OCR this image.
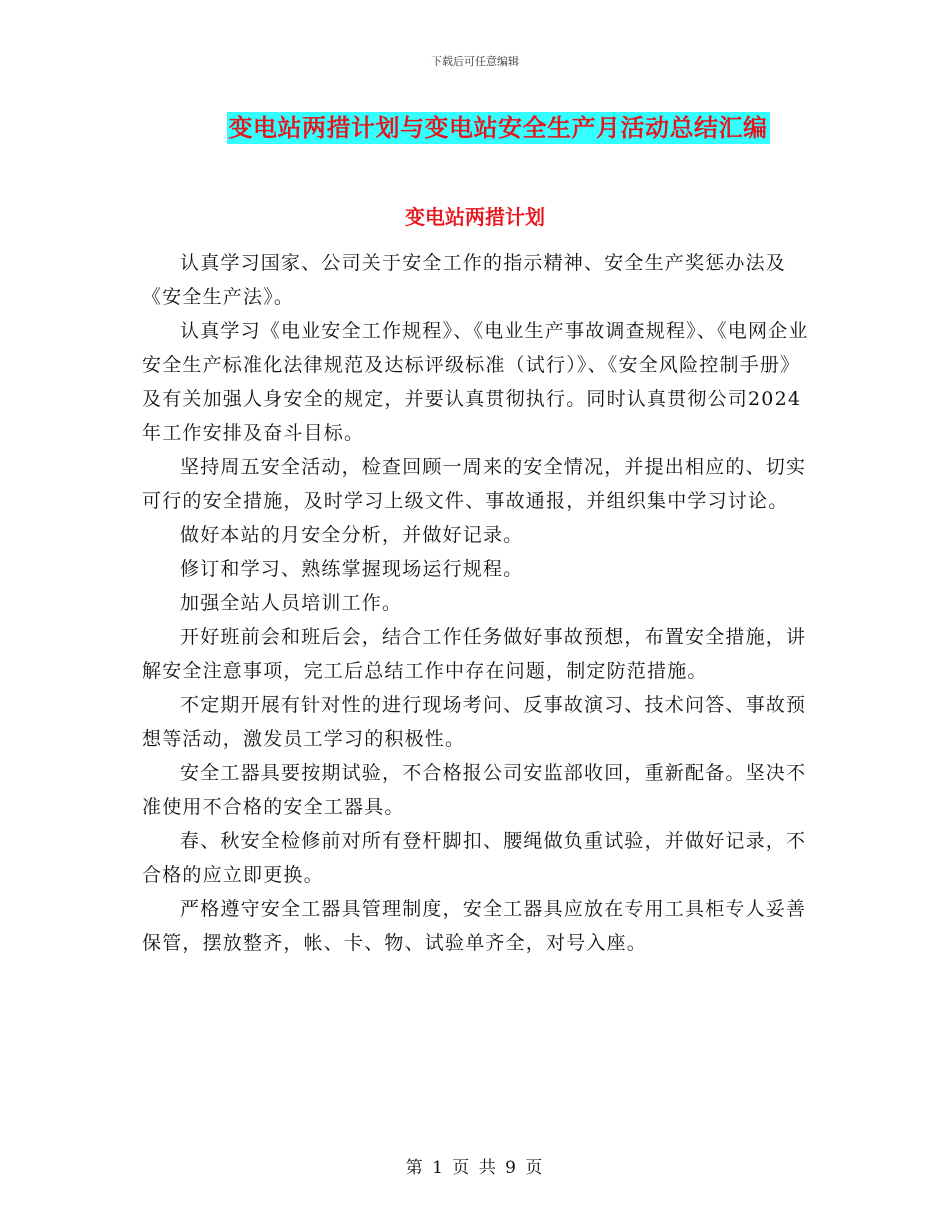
下载后可任意编辑
变电站两措计划与变电站安全生产月活动总结汇编
变电站两措计划

认真学习国家、公司关于安全工作的指示精神、安全生产奖惩办法及《安全生产法》。

认真学习《电业安全工作规程》、《电业生产事故调查规程》、《电网企业安全生产标准化法律规范及达标评级标准（试行）》、《安全风险控制手册》及有关加强人身安全的规定，并要认真贯彻执行。同时认真贯彻公司2024年工作安排及奋斗目标。

坚持周五安全活动，检查回顾一周来的安全情况，并提出相应的、切实可行的安全措施，及时学习上级文件、事故通报，并组织集中学习讨论。

做好本站的月安全分析，并做好记录。

修订和学习、熟练掌握现场运行规程。

加强全站人员培训工作。

开好班前会和班后会，结合工作任务做好事故预想，布置安全措施，讲解安全注意事项，完工后总结工作中存在问题，制定防范措施。

不定期开展有针对性的进行现场考问、反事故演习、技术问答、事故预想等活动，激发员工学习的积极性。

安全工器具要按期试验，不合格报公司安监部收回，重新配备。坚决不准使用不合格的安全工器具。

春、秋安全检修前对所有登杆脚扣、腰绳做负重试验，并做好记录，不合格的应立即更换。

严格遵守安全工器具管理制度，安全工器具应放在专用工具柜专人妥善保管，摆放整齐，帐、卡、物、试验单齐全，对号入座。

第 1 页 共 9 页
